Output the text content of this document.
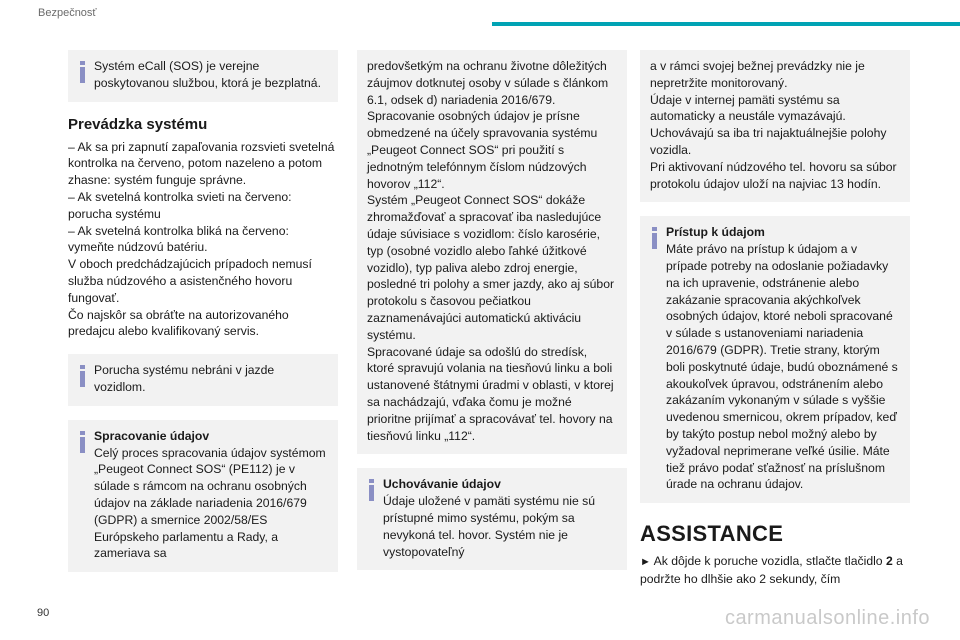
Bezpečnosť
Systém eCall (SOS) je verejne poskytovanou službou, ktorá je bezplatná.
Prevádzka systému
– Ak sa pri zapnutí zapaľovania rozsvieti svetelná kontrolka na červeno, potom nazeleno a potom zhasne: systém funguje správne.
– Ak svetelná kontrolka svieti na červeno: porucha systému
– Ak svetelná kontrolka bliká na červeno: vymeňte núdzovú batériu.
V oboch predchádzajúcich prípadoch nemusí služba núdzového a asistenčného hovoru fungovať.
Čo najskôr sa obráťte na autorizovaného predajcu alebo kvalifikovaný servis.
Porucha systému nebráni v jazde vozidlom.
Spracovanie údajov
Celý proces spracovania údajov systémom „Peugeot Connect SOS“ (PE112) je v súlade s rámcom na ochranu osobných údajov na základe nariadenia 2016/679 (GDPR) a smernice 2002/58/ES Európskeho parlamentu a Rady, a zameriava sa
predovšetkým na ochranu životne dôležitých záujmov dotknutej osoby v súlade s článkom 6.1, odsek d) nariadenia 2016/679.
Spracovanie osobných údajov je prísne obmedzené na účely spravovania systému „Peugeot Connect SOS“ pri použití s jednotným telefónnym číslom núdzových hovorov „112“.
Systém „Peugeot Connect SOS“ dokáže zhromažďovať a spracovať iba nasledujúce údaje súvisiace s vozidlom: číslo karosérie, typ (osobné vozidlo alebo ľahké úžitkové vozidlo), typ paliva alebo zdroj energie, posledné tri polohy a smer jazdy, ako aj súbor protokolu s časovou pečiatkou zaznamenávajúci automatickú aktiváciu systému.
Spracované údaje sa odošlú do stredísk, ktoré spravujú volania na tiesňovú linku a boli ustanovené štátnymi úradmi v oblasti, v ktorej sa nachádzajú, vďaka čomu je možné prioritne prijímať a spracovávať tel. hovory na tiesňovú linku „112“.
Uchovávanie údajov
Údaje uložené v pamäti systému nie sú prístupné mimo systému, pokým sa nevykoná tel. hovor. Systém nie je vystopovateľný
a v rámci svojej bežnej prevádzky nie je nepretržite monitorovaný.
Údaje v internej pamäti systému sa automaticky a neustále vymazávajú. Uchovávajú sa iba tri najaktuálnejšie polohy vozidla.
Pri aktivovaní núdzového tel. hovoru sa súbor protokolu údajov uloží na najviac 13 hodín.
Prístup k údajom
Máte právo na prístup k údajom a v prípade potreby na odoslanie požiadavky na ich upravenie, odstránenie alebo zakázanie spracovania akýchkoľvek osobných údajov, ktoré neboli spracované v súlade s ustanoveniami nariadenia 2016/679 (GDPR). Tretie strany, ktorým boli poskytnuté údaje, budú oboznámené s akoukoľvek úpravou, odstránením alebo zakázaním vykonaným v súlade s vyššie uvedenou smernicou, okrem prípadov, keď by takýto postup nebol možný alebo by vyžadoval neprimerane veľké úsilie. Máte tiež právo podať sťažnosť na príslušnom úrade na ochranu údajov.
ASSISTANCE
► Ak dôjde k poruche vozidla, stlačte tlačidlo 2 a podržte ho dlhšie ako 2 sekundy, čím
90	carmanualsonline.info
